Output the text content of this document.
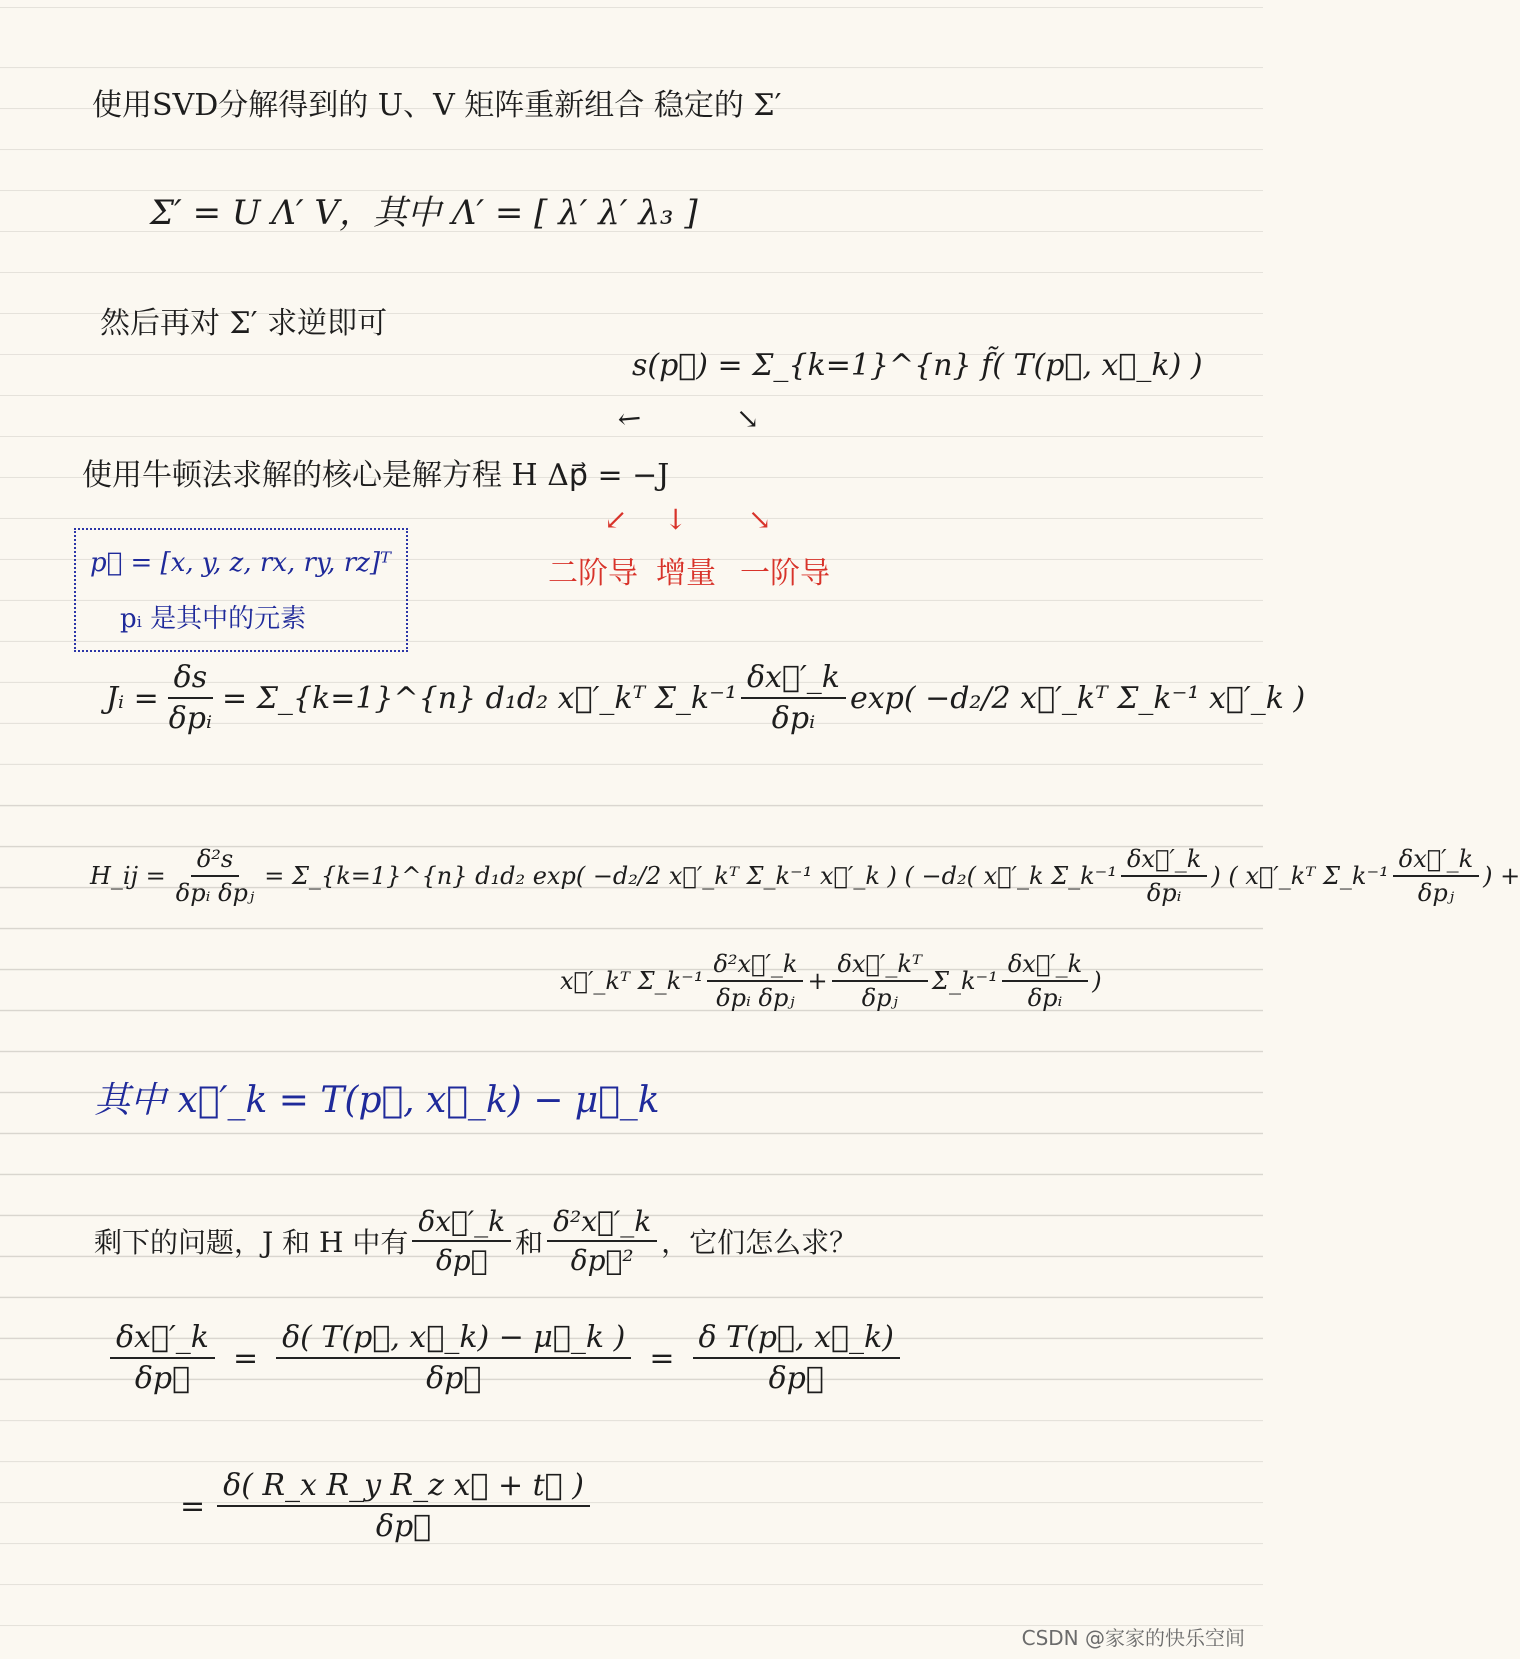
使用SVD分解得到的 U、V 矩阵重新组合 稳定的 Σ′
Σ′ = U Λ′ V，其中 Λ′ = [ λ′ λ′ λ₃ ]
然后再对 Σ′ 求逆即可
s(p⃗) = Σ_{k=1}^{n} f̃( T(p⃗, x⃗_k) )
↙	↘
使用牛顿法求解的核心是解方程 H Δp⃗ = −J
↙ ↓ ↘
二阶导 增量 一阶导
p⃗ = [x, y, z, rx, ry, rz]ᵀ
pᵢ 是其中的元素
Jᵢ = $\frac{\delta s}{\text{δpᵢ}}$ = Σ_{k=1}^{n} d₁d₂ x⃗′_kᵀ Σ_k⁻¹ $\frac{\delta x⃗'\_k}{\text{δpᵢ}} \exp( -d_2/2$ x⃗′_kᵀ Σ_k⁻¹ x⃗′_k )
H_ij = $\frac{\text{δ²s}}{\text{δpᵢ δpⱼ}}$ = Σ_{k=1}^{n} d₁d₂ exp( −d₂/2 x⃗′_kᵀ Σ_k⁻¹ x⃗′_k ) ( −d₂( x⃗′_k Σ_k⁻¹ $\frac{\delta x⃗'\_k}{\text{δpᵢ}}$ ) ( x⃗′_kᵀ Σ_k⁻¹ $\frac{\delta x⃗'\_k}{\text{δpⱼ}}$ ) +
x⃗′_kᵀ Σ_k⁻¹ $\frac{\text{δ²x⃗′\_k}}{\text{δpᵢ δpⱼ}} + \frac{\text{δx⃗′\_kᵀ}}{\text{δpⱼ}}$ Σ_k⁻¹ $\frac{\delta x⃗'\_k}{\text{δpᵢ}}$ )
其中 x⃗′_k = T(p⃗, x⃗_k) − μ⃗_k
剩下的问题，J 和 H 中有 $\frac{\delta x⃗'\_k}{\delta p⃗}$ 和 $\frac{\text{δ²x⃗′\_k}}{\text{δp⃗²}}$ ，它们怎么求？
$\frac{\delta x⃗'\_k}{\delta p⃗} = \frac{\delta( T(p⃗, x⃗\_k) - \mu⃗\_k )}{\delta p⃗} = \frac{\text{δ T(p⃗, x⃗\_k)}}{\delta p⃗}$
= $\frac{\text{δ( R\_x R\_y R\_z x⃗ + t⃗ )}}{\delta p⃗}$
CSDN @家家的快乐空间
